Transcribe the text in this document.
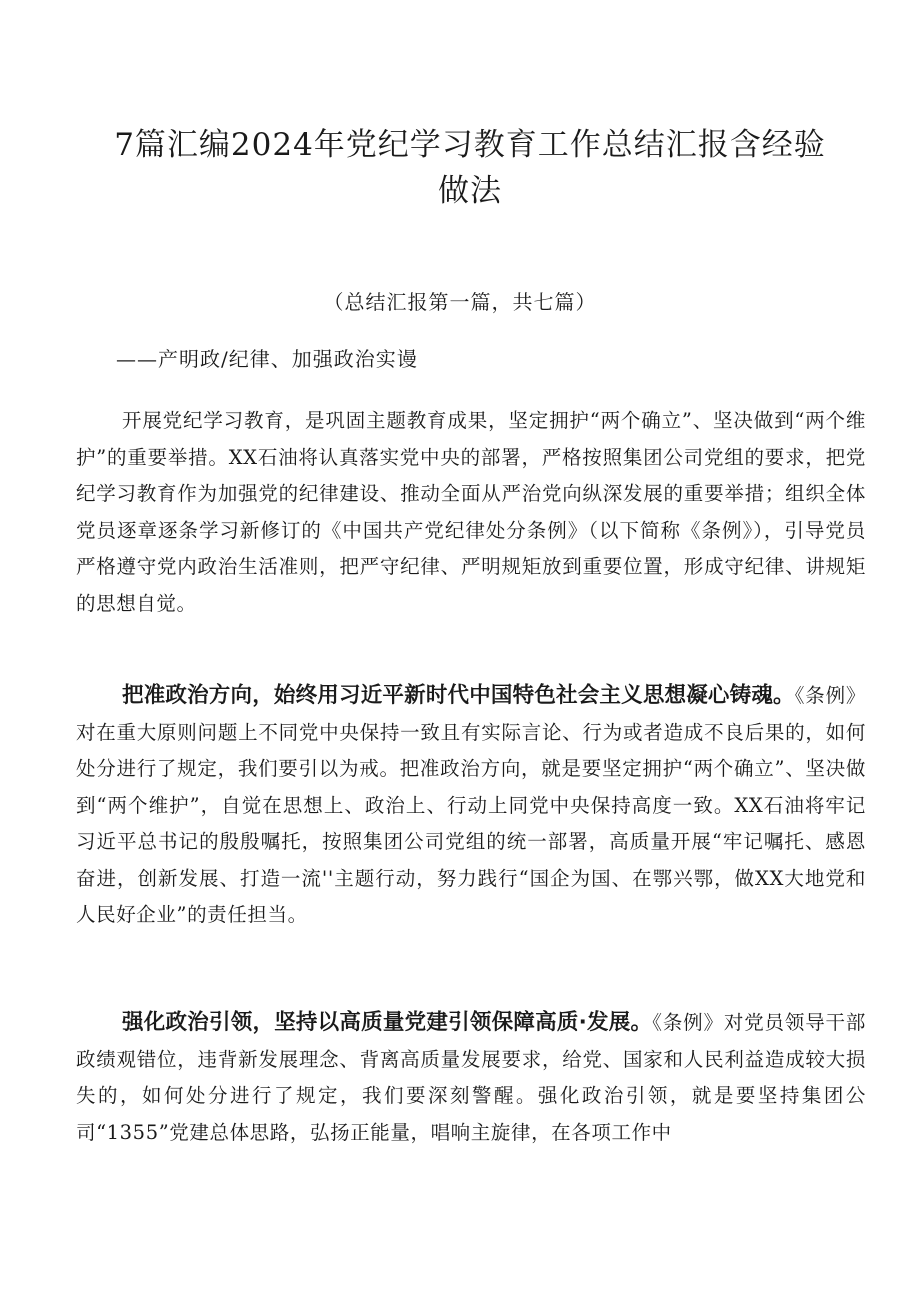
7篇汇编2024年党纪学习教育工作总结汇报含经验
做法

（总结汇报第一篇，共七篇）

——产明政/纪律、加强政治实谩

开展党纪学习教育，是巩固主题教育成果，坚定拥护“两个确立”、坚决做到“两个维护”的重要举措。XX石油将认真落实党中央的部署，严格按照集团公司党组的要求，把党纪学习教育作为加强党的纪律建设、推动全面从严治党向纵深发展的重要举措；组织全体党员逐章逐条学习新修订的《中国共产党纪律处分条例》（以下简称《条例》），引导党员严格遵守党内政治生活准则，把严守纪律、严明规矩放到重要位置，形成守纪律、讲规矩的思想自觉。

把准政治方向，始终用习近平新时代中国特色社会主义思想凝心铸魂。《条例》对在重大原则问题上不同党中央保持一致且有实际言论、行为或者造成不良后果的，如何处分进行了规定，我们要引以为戒。把准政治方向，就是要坚定拥护“两个确立”、坚决做到“两个维护”，自觉在思想上、政治上、行动上同党中央保持高度一致。XX石油将牢记习近平总书记的殷殷嘱托，按照集团公司党组的统一部署，高质量开展“牢记嘱托、感恩奋进，创新发展、打造一流''主题行动，努力践行“国企为国、在鄂兴鄂，做XX大地党和人民好企业”的责任担当。

强化政治引领，坚持以高质量党建引领保障高质·发展。《条例》对党员领导干部政绩观错位，违背新发展理念、背离高质量发展要求，给党、国家和人民利益造成较大损失的，如何处分进行了规定，我们要深刻警醒。强化政治引领，就是要坚持集团公司“1355”党建总体思路，弘扬正能量，唱响主旋律，在各项工作中
